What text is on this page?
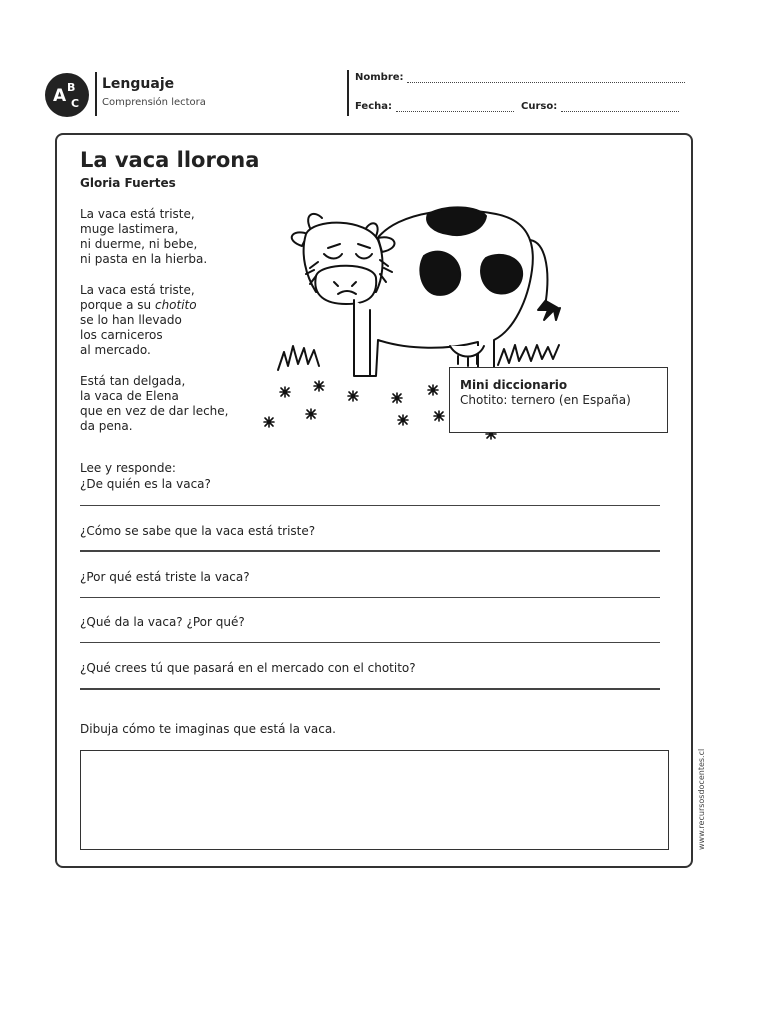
A B
C
Lenguaje
Comprensión lectora
Nombre:
Fecha:	Curso:
La vaca llorona
Gloria Fuertes
La vaca está triste,
muge lastimera,
ni duerme, ni bebe,
ni pasta en la hierba.
La vaca está triste,
porque a su chotito
se lo han llevado
los carniceros
al mercado.
Está tan delgada,
la vaca de Elena
que en vez de dar leche,
da pena.
Mini diccionario
Chotito: ternero (en España)
Lee y responde:
¿De quién es la vaca?
¿Cómo se sabe que la vaca está triste?
¿Por qué está triste la vaca?
¿Qué da la vaca? ¿Por qué?
¿Qué crees tú que pasará en el mercado con el chotito?
Dibuja cómo te imaginas que está la vaca.
www.recursosdocentes.cl
